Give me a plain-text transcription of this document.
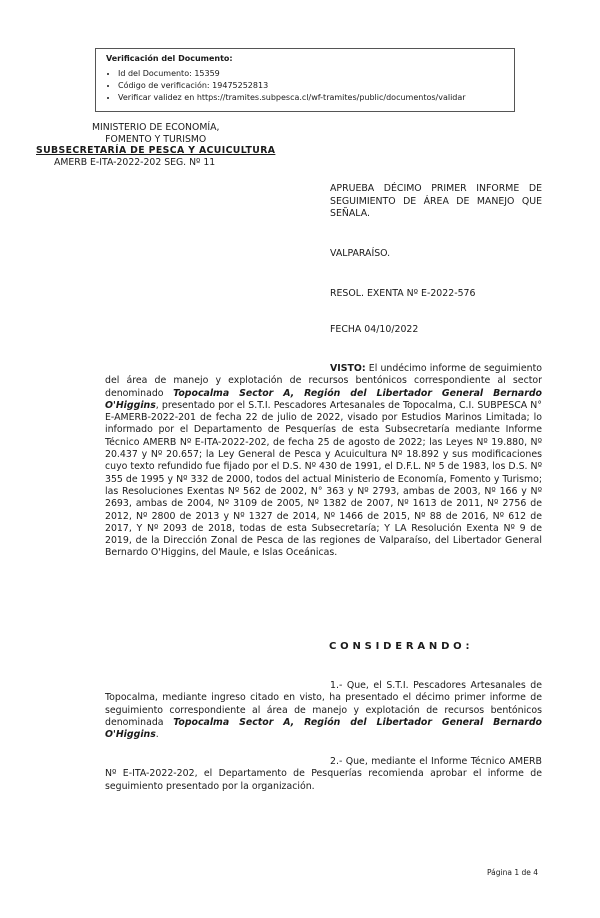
Verificación del Documento:
• Id del Documento: 15359
• Código de verificación: 19475252813
• Verificar validez en https://tramites.subpesca.cl/wf-tramites/public/documentos/validar
MINISTERIO DE ECONOMÍA,
FOMENTO Y TURISMO
SUBSECRETARÍA DE PESCA Y ACUICULTURA
AMERB E-ITA-2022-202 SEG. Nº 11
APRUEBA DÉCIMO PRIMER INFORME DE SEGUIMIENTO DE ÁREA DE MANEJO QUE SEÑALA.
VALPARAÍSO.
RESOL. EXENTA Nº E-2022-576
FECHA 04/10/2022

VISTO: El undécimo informe de seguimiento del área de manejo y explotación de recursos bentónicos correspondiente al sector denominado Topocalma Sector A, Región del Libertador General Bernardo O'Higgins, presentado por el S.T.I. Pescadores Artesanales de Topocalma, C.I. SUBPESCA N° E-AMERB-2022-201 de fecha 22 de julio de 2022, visado por Estudios Marinos Limitada; lo informado por el Departamento de Pesquerías de esta Subsecretaría mediante Informe Técnico AMERB Nº E-ITA-2022-202, de fecha 25 de agosto de 2022; las Leyes Nº 19.880, Nº 20.437 y Nº 20.657; la Ley General de Pesca y Acuicultura Nº 18.892 y sus modificaciones cuyo texto refundido fue fijado por el D.S. Nº 430 de 1991, el D.F.L. Nº 5 de 1983, los D.S. Nº 355 de 1995 y Nº 332 de 2000, todos del actual Ministerio de Economía, Fomento y Turismo; las Resoluciones Exentas Nº 562 de 2002, N° 363 y Nº 2793, ambas de 2003, Nº 166 y Nº 2693, ambas de 2004, Nº 3109 de 2005, Nº 1382 de 2007, Nº 1613 de 2011, Nº 2756 de 2012, Nº 2800 de 2013 y Nº 1327 de 2014, Nº 1466 de 2015, Nº 88 de 2016, Nº 612 de 2017, Y Nº 2093 de 2018, todas de esta Subsecretaría; Y LA Resolución Exenta Nº 9 de 2019, de la Dirección Zonal de Pesca de las regiones de Valparaíso, del Libertador General Bernardo O'Higgins, del Maule, e Islas Oceánicas.

CONSIDERANDO:

1.- Que, el S.T.I. Pescadores Artesanales de Topocalma, mediante ingreso citado en visto, ha presentado el décimo primer informe de seguimiento correspondiente al área de manejo y explotación de recursos bentónicos denominada Topocalma Sector A, Región del Libertador General Bernardo O'Higgins.

2.- Que, mediante el Informe Técnico AMERB Nº E-ITA-2022-202, el Departamento de Pesquerías recomienda aprobar el informe de seguimiento presentado por la organización.

Página 1 de 4
